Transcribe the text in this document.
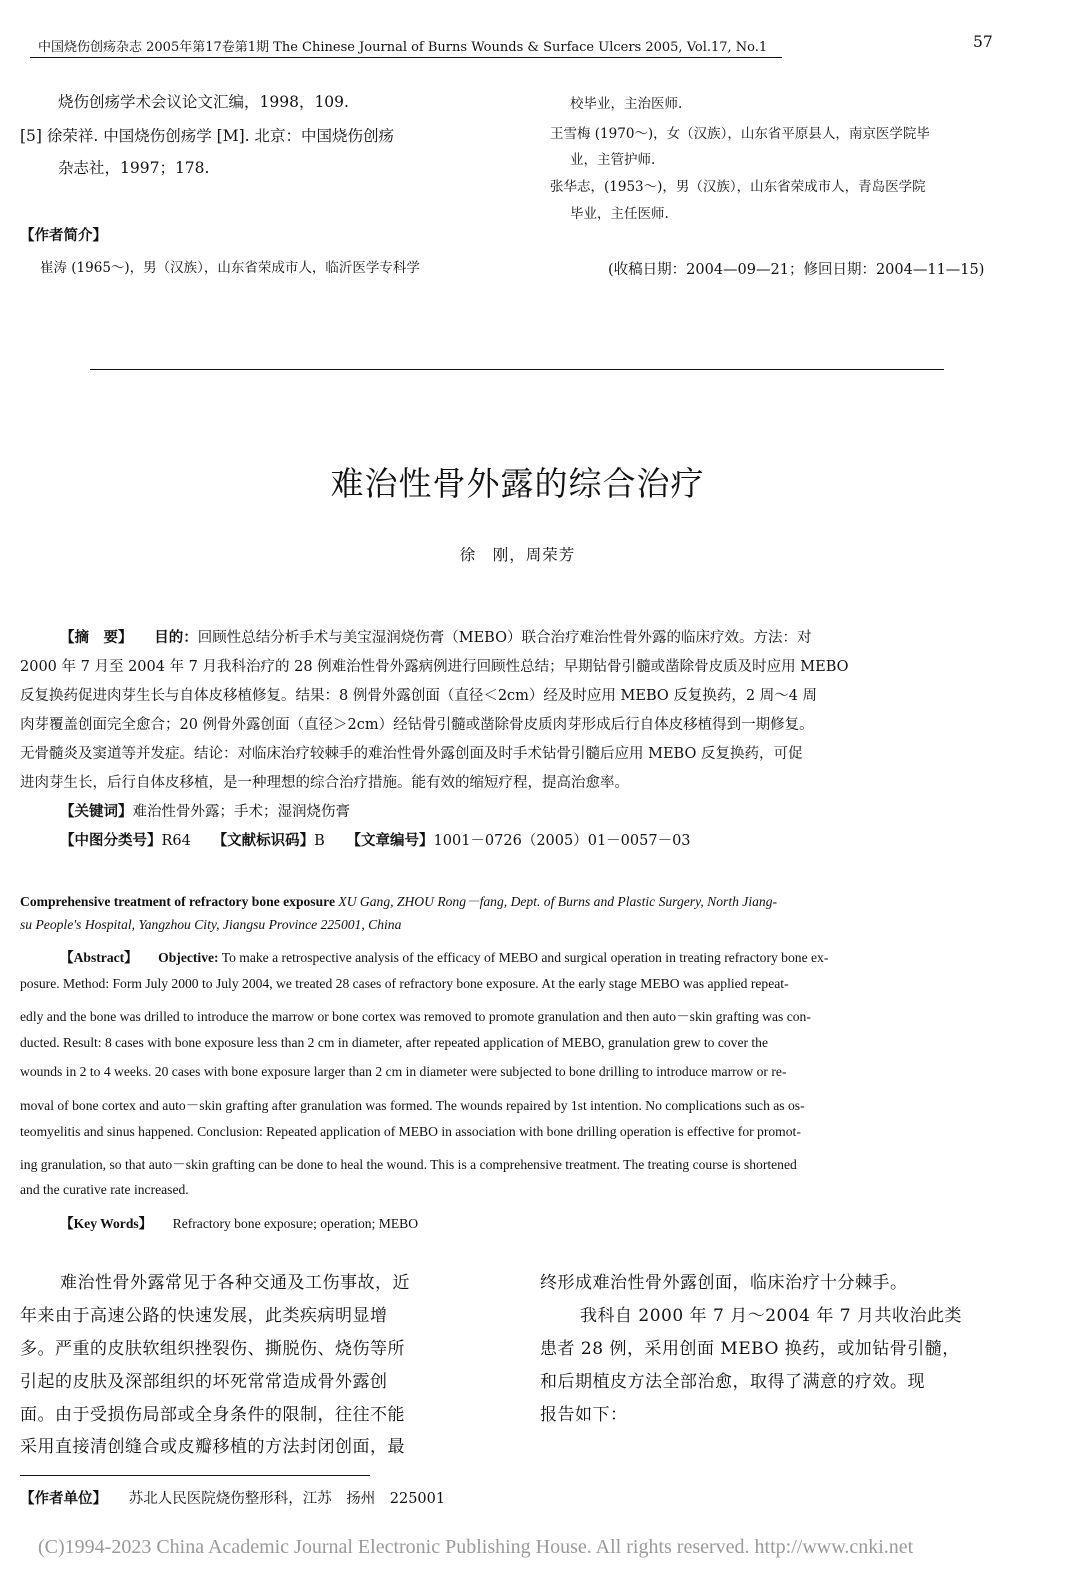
中国烧伤创疡杂志 2005年第17卷第1期 The Chinese Journal of Burns Wounds & Surface Ulcers 2005, Vol.17, No.1	57
烧伤创疡学术会议论文汇编，1998，109.
[5] 徐荣祥. 中国烧伤创疡学 [M]. 北京：中国烧伤创疡
杂志社，1997；178.
校毕业，主治医师.
王雪梅 (1970～)，女（汉族），山东省平原县人，南京医学院毕
业，主管护师.
张华志，(1953～)，男（汉族），山东省荣成市人，青岛医学院
毕业，主任医师.
【作者简介】
崔涛 (1965～)，男（汉族），山东省荣成市人，临沂医学专科学	(收稿日期：2004—09—21；修回日期：2004—11—15)
难治性骨外露的综合治疗
徐　刚，周荣芳
【摘　要】　　 目的：回顾性总结分析手术与美宝湿润烧伤膏（MEBO）联合治疗难治性骨外露的临床疗效。方法：对
2000 年 7 月至 2004 年 7 月我科治疗的 28 例难治性骨外露病例进行回顾性总结；早期钻骨引髓或凿除骨皮质及时应用 MEBO
反复换药促进肉芽生长与自体皮移植修复。结果：8 例骨外露创面（直径＜2cm）经及时应用 MEBO 反复换药，2 周～4 周
肉芽覆盖创面完全愈合；20 例骨外露创面（直径＞2cm）经钻骨引髓或凿除骨皮质肉芽形成后行自体皮移植得到一期修复。
无骨髓炎及窦道等并发症。结论：对临床治疗较棘手的难治性骨外露创面及时手术钻骨引髓后应用 MEBO 反复换药，可促
进肉芽生长，后行自体皮移植，是一种理想的综合治疗措施。能有效的缩短疗程，提高治愈率。
【关键词】难治性骨外露；手术；湿润烧伤膏
【中图分类号】R64　　 【文献标识码】B　　 【文章编号】1001－0726（2005）01－0057－03
Comprehensive treatment of refractory bone exposure XU Gang, ZHOU Rong－fang, Dept. of Burns and Plastic Surgery, North Jiang-
su People's Hospital, Yangzhou City, Jiangsu Province 225001, China
【Abstract】　　 Objective: To make a retrospective analysis of the efficacy of MEBO and surgical operation in treating refractory bone ex-
posure. Method: Form July 2000 to July 2004, we treated 28 cases of refractory bone exposure. At the early stage MEBO was applied repeat-
edly and the bone was drilled to introduce the marrow or bone cortex was removed to promote granulation and then auto－skin grafting was con-
ducted. Result: 8 cases with bone exposure less than 2 cm in diameter, after repeated application of MEBO, granulation grew to cover the
wounds in 2 to 4 weeks. 20 cases with bone exposure larger than 2 cm in diameter were subjected to bone drilling to introduce marrow or re-
moval of bone cortex and auto－skin grafting after granulation was formed. The wounds repaired by 1st intention. No complications such as os-
teomyelitis and sinus happened. Conclusion: Repeated application of MEBO in association with bone drilling operation is effective for promot-
ing granulation, so that auto－skin grafting can be done to heal the wound. This is a comprehensive treatment. The treating course is shortened
and the curative rate increased.
【Key Words】　　 Refractory bone exposure; operation; MEBO
难治性骨外露常见于各种交通及工伤事故，近
年来由于高速公路的快速发展，此类疾病明显增
多。严重的皮肤软组织挫裂伤、撕脱伤、烧伤等所
引起的皮肤及深部组织的坏死常常造成骨外露创
面。由于受损伤局部或全身条件的限制，往往不能
采用直接清创缝合或皮瓣移植的方法封闭创面，最
终形成难治性骨外露创面，临床治疗十分棘手。
我科自 2000 年 7 月～2004 年 7 月共收治此类
患者 28 例，采用创面 MEBO 换药，或加钻骨引髓，
和后期植皮方法全部治愈，取得了满意的疗效。现
报告如下：
【作者单位】　　 苏北人民医院烧伤整形科，江苏　扬州　225001
(C)1994-2023 China Academic Journal Electronic Publishing House. All rights reserved. http://www.cnki.net
